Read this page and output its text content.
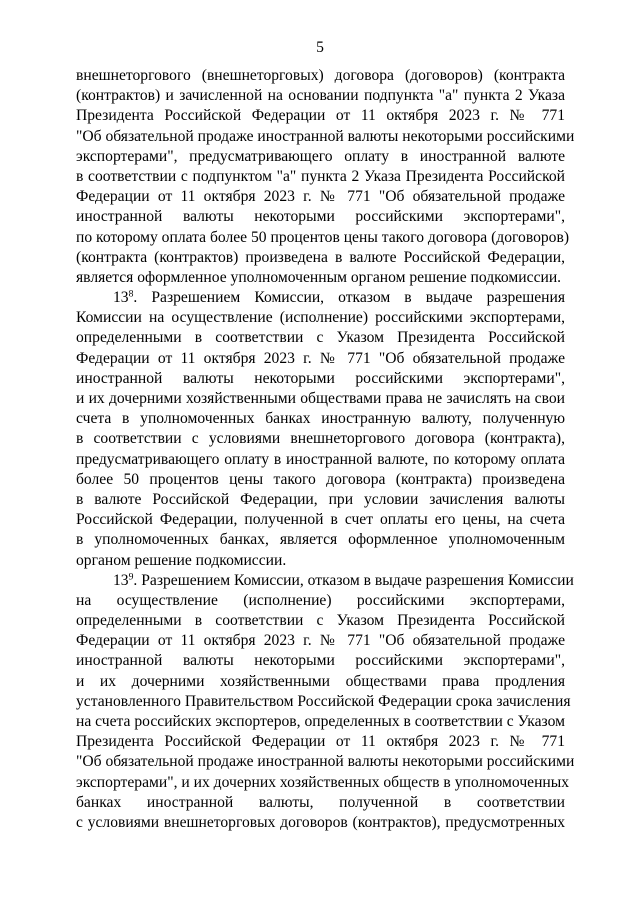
5
внешнеторгового (внешнеторговых) договора (договоров) (контракта
(контрактов) и зачисленной на основании подпункта "а" пункта 2 Указа
Президента Российской Федерации от 11 октября 2023 г. № 771
"Об обязательной продаже иностранной валюты некоторыми российскими
экспортерами", предусматривающего оплату в иностранной валюте
в соответствии с подпунктом "а" пункта 2 Указа Президента Российской
Федерации от 11 октября 2023 г. № 771 "Об обязательной продаже
иностранной валюты некоторыми российскими экспортерами",
по которому оплата более 50 процентов цены такого договора (договоров)
(контракта (контрактов) произведена в валюте Российской Федерации,
является оформленное уполномоченным органом решение подкомиссии.
$13^8$. Разрешением Комиссии, отказом в выдаче разрешения
Комиссии на осуществление (исполнение) российскими экспортерами,
определенными в соответствии с Указом Президента Российской
Федерации от 11 октября 2023 г. № 771 "Об обязательной продаже
иностранной валюты некоторыми российскими экспортерами",
и их дочерними хозяйственными обществами права не зачислять на свои
счета в уполномоченных банках иностранную валюту, полученную
в соответствии с условиями внешнеторгового договора (контракта),
предусматривающего оплату в иностранной валюте, по которому оплата
более 50 процентов цены такого договора (контракта) произведена
в валюте Российской Федерации, при условии зачисления валюты
Российской Федерации, полученной в счет оплаты его цены, на счета
в уполномоченных банках, является оформленное уполномоченным
органом решение подкомиссии.
$13^9$. Разрешением Комиссии, отказом в выдаче разрешения Комиссии
на осуществление (исполнение) российскими экспортерами,
определенными в соответствии с Указом Президента Российской
Федерации от 11 октября 2023 г. № 771 "Об обязательной продаже
иностранной валюты некоторыми российскими экспортерами",
и их дочерними хозяйственными обществами права продления
установленного Правительством Российской Федерации срока зачисления
на счета российских экспортеров, определенных в соответствии с Указом
Президента Российской Федерации от 11 октября 2023 г. № 771
"Об обязательной продаже иностранной валюты некоторыми российскими
экспортерами", и их дочерних хозяйственных обществ в уполномоченных
банках иностранной валюты, полученной в соответствии
с условиями внешнеторговых договоров (контрактов), предусмотренных
